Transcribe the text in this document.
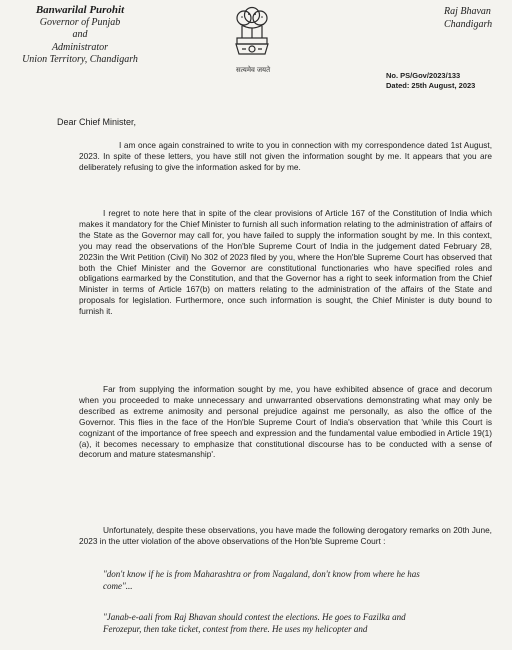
Banwarilal Purohit
Governor of Punjab
and
Administrator
Union Territory, Chandigarh
सत्यमेव जयते
Raj Bhavan
Chandigarh
No. PS/Gov/2023/133
Dated: 25th August, 2023
Dear Chief Minister,
I am once again constrained to write to you in connection with my correspondence dated 1st August, 2023. In spite of these letters, you have still not given the information sought by me. It appears that you are deliberately refusing to give the information asked for by me.
I regret to note here that in spite of the clear provisions of Article 167 of the Constitution of India which makes it mandatory for the Chief Minister to furnish all such information relating to the administration of affairs of the State as the Governor may call for, you have failed to supply the information sought by me. In this context, you may read the observations of the Hon'ble Supreme Court of India in the judgement dated February 28, 2023in the Writ Petition (Civil) No 302 of 2023 filed by you, where the Hon'ble Supreme Court has observed that both the Chief Minister and the Governor are constitutional functionaries who have specified roles and obligations earmarked by the Constitution, and that the Governor has a right to seek information from the Chief Minister in terms of Article 167(b) on matters relating to the administration of the affairs of the State and proposals for legislation. Furthermore, once such information is sought, the Chief Minister is duty bound to furnish it.
Far from supplying the information sought by me, you have exhibited absence of grace and decorum when you proceeded to make unnecessary and unwarranted observations demonstrating what may only be described as extreme animosity and personal prejudice against me personally, as also the office of the Governor. This flies in the face of the Hon'ble Supreme Court of India's observation that 'while this Court is cognizant of the importance of free speech and expression and the fundamental value embodied in Article 19(1)(a), it becomes necessary to emphasize that constitutional discourse has to be conducted with a sense of decorum and mature statesmanship'.
Unfortunately, despite these observations, you have made the following derogatory remarks on 20th June, 2023 in the utter violation of the above observations of the Hon'ble Supreme Court :
"don't know if he is from Maharashtra or from Nagaland, don't know from where he has come"...
"Janab-e-aali from Raj Bhavan should contest the elections. He goes to Fazilka and Ferozepur, then take ticket, contest from there. He uses my helicopter and
